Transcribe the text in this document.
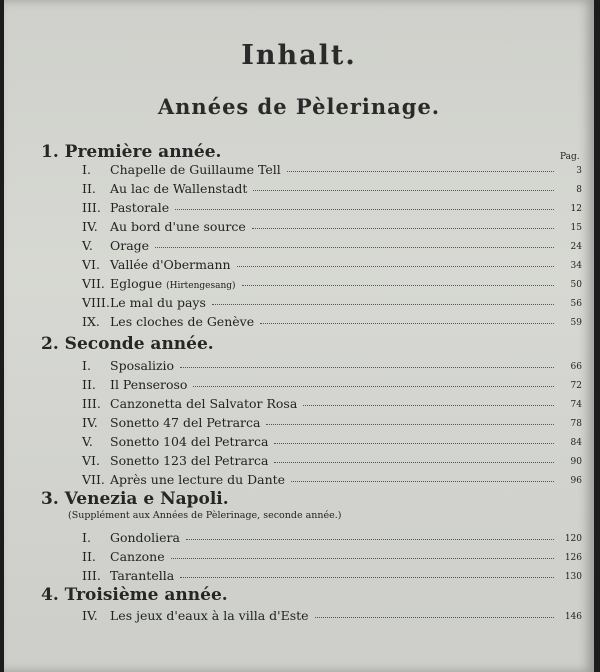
Inhalt.
Années de Pèlerinage.
Pag.
1. Première année.
I.	Chapelle de Guillaume Tell	3
II.	Au lac de Wallenstadt	8
III. Pastorale	12
IV. Au bord d'une source	15
V.	Orage	24
VI. Vallée d'Obermann	34
VII. Eglogue (Hirtengesang)	50
VIII. Le mal du pays	56
IX. Les cloches de Genève	59
2. Seconde année.
I.	Sposalizio	66
II.	Il Penseroso	72
III. Canzonetta del Salvator Rosa	74
IV. Sonetto 47 del Petrarca	78
V.	Sonetto 104 del Petrarca	84
VI. Sonetto 123 del Petrarca	90
VII. Après une lecture du Dante	96
3. Venezia e Napoli.
(Supplément aux Années de Pèlerinage, seconde année.)
I.	Gondoliera	120
II.	Canzone	126
III. Tarantella	130
4. Troisième année.
IV. Les jeux d'eaux à la villa d'Este	146
